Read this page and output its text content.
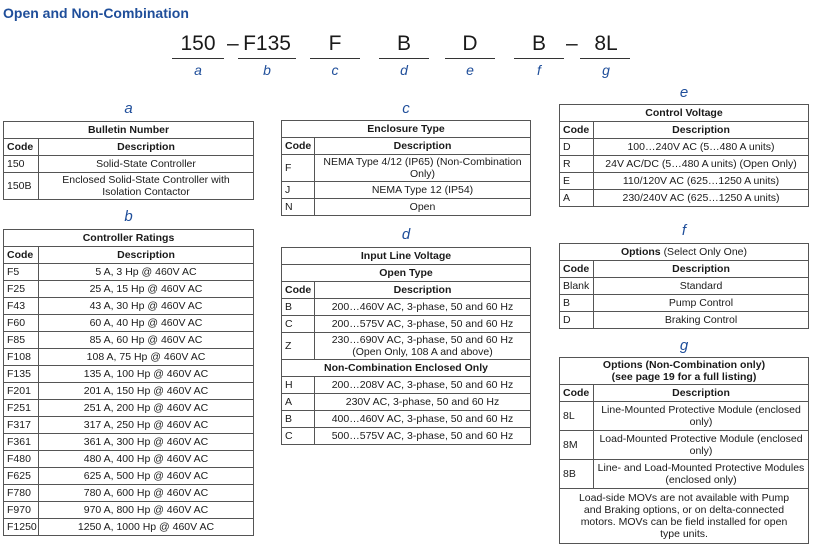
Open and Non-Combination
150 – F135	F	B	D	B – 8L
a	b	c	d	e	f	g
a
Bulletin Number	
Code	Description
150	Solid-State Controller
150B	Enclosed Solid-State Controller with Isolation Contactor
b
Controller Ratings	
Code	Description
F5	5 A, 3 Hp @ 460V AC
F25	25 A, 15 Hp @ 460V AC
F43	43 A, 30 Hp @ 460V AC
F60	60 A, 40 Hp @ 460V AC
F85	85 A, 60 Hp @ 460V AC
F108	108 A, 75 Hp @ 460V AC
F135	135 A, 100 Hp @ 460V AC
F201	201 A, 150 Hp @ 460V AC
F251	251 A, 200 Hp @ 460V AC
F317	317 A, 250 Hp @ 460V AC
F361	361 A, 300 Hp @ 460V AC
F480	480 A, 400 Hp @ 460V AC
F625	625 A, 500 Hp @ 460V AC
F780	780 A, 600 Hp @ 460V AC
F970	970 A, 800 Hp @ 460V AC
F1250	1250 A, 1000 Hp @ 460V AC
c
Enclosure Type	
Code	Description
F	NEMA Type 4/12 (IP65) (Non-Combination Only)
J	NEMA Type 12 (IP54)
N	Open
d
Input Line Voltage	
Open Type	
Code	Description
B	200…460V AC, 3-phase, 50 and 60 Hz
C	200…575V AC, 3-phase, 50 and 60 Hz
Z	230…690V AC, 3-phase, 50 and 60 Hz (Open Only, 108 A and above)
Non-Combination Enclosed Only	
H	200…208V AC, 3-phase, 50 and 60 Hz
A	230V AC, 3-phase, 50 and 60 Hz
B	400…460V AC, 3-phase, 50 and 60 Hz
C	500…575V AC, 3-phase, 50 and 60 Hz
e
Control Voltage	
Code	Description
D	100…240V AC (5…480 A units)
R	24V AC/DC (5…480 A units) (Open Only)
E	110/120V AC (625…1250 A units)
A	230/240V AC (625…1250 A units)
f
Options (Select Only One)	
Code	Description
Blank	Standard
B	Pump Control
D	Braking Control
g
Options (Non-Combination only)
(see page 19 for a full listing)	

Code	Description
8L	Line-Mounted Protective Module (enclosed only)
8M	Load-Mounted Protective Module (enclosed only)
8B	Line- and Load-Mounted Protective Modules (enclosed only)
Load-side MOVs are not available with Pump and Braking options, or on delta-connected motors. MOVs can be field installed for open type units.	
